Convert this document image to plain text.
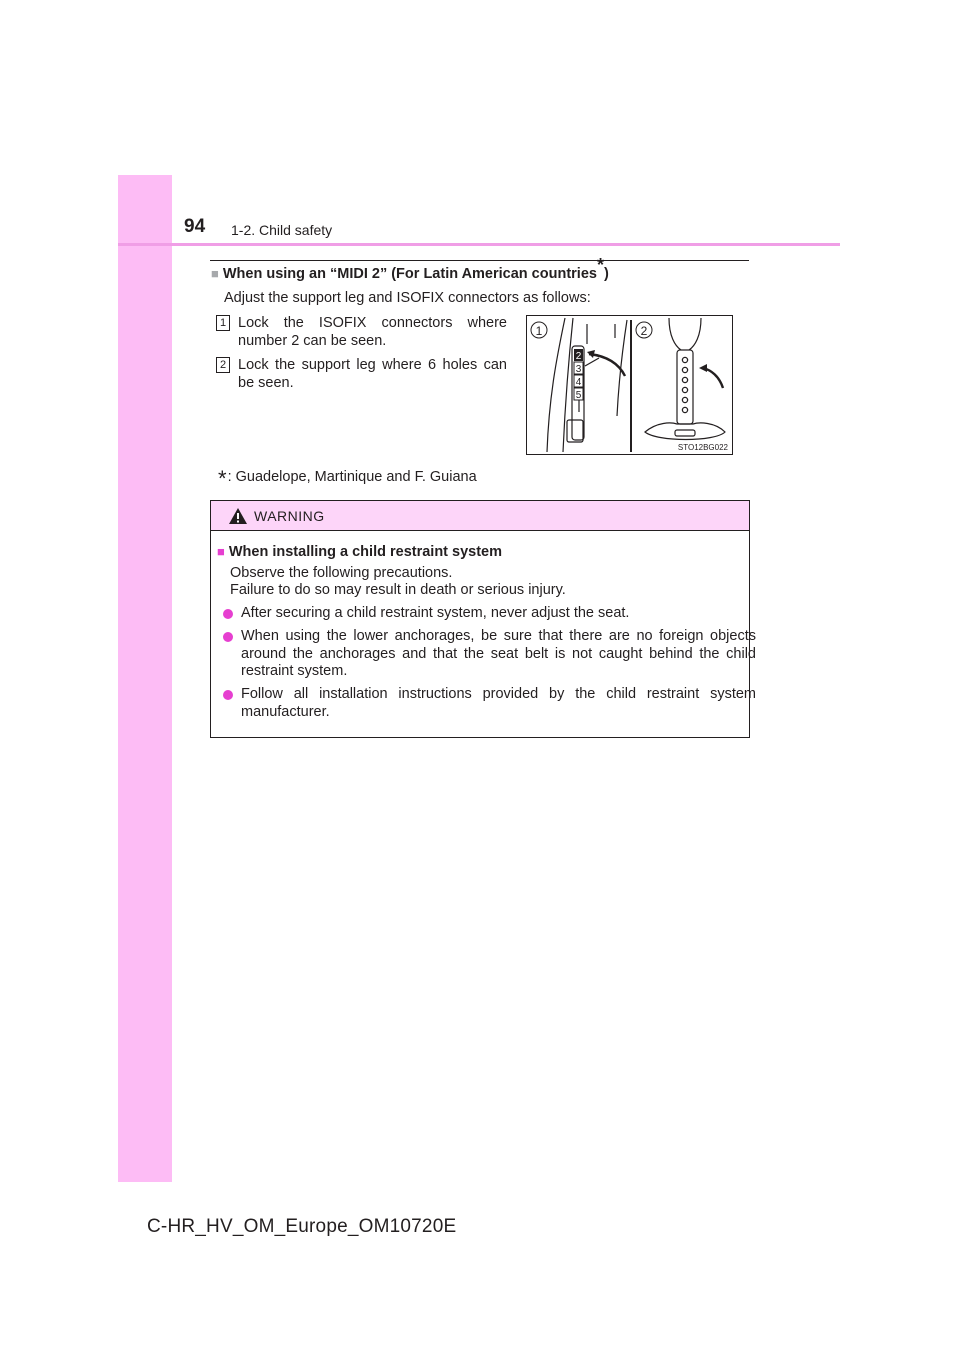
94 1-2. Child safety
■ When using an “MIDI 2” (For Latin American countries*)
Adjust the support leg and ISOFIX connectors as follows:
1 Lock the ISOFIX connectors where number 2 can be seen.
2 Lock the support leg where 6 holes can be seen.
2
3
4
5
1	2
STO12BG022
*: Guadelope, Martinique and F. Guiana
WARNING
■ When installing a child restraint system
Observe the following precautions.
Failure to do so may result in death or serious injury.
After securing a child restraint system, never adjust the seat.
When using the lower anchorages, be sure that there are no foreign objects around the anchorages and that the seat belt is not caught behind the child restraint system.
Follow all installation instructions provided by the child restraint system manufacturer.
C-HR_HV_OM_Europe_OM10720E
